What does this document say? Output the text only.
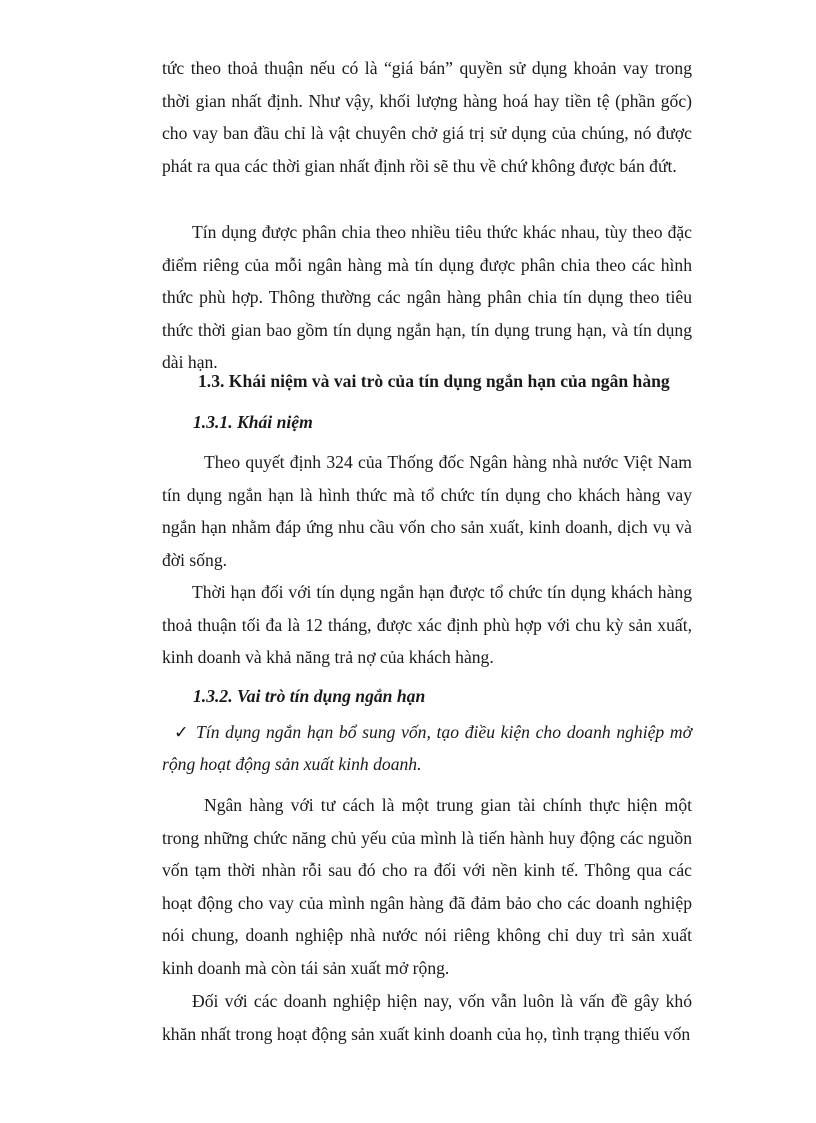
tức theo thoả thuận nếu có là “giá bán” quyền sử dụng khoản vay trong thời gian nhất định. Như vậy, khối lượng hàng hoá hay tiền tệ (phần gốc) cho vay ban đầu chỉ là vật chuyên chở giá trị sử dụng của chúng, nó được phát ra qua các thời gian nhất định rồi sẽ thu về chứ không được bán đứt.

Tín dụng được phân chia theo nhiều tiêu thức khác nhau, tùy theo đặc điểm riêng của mỗi ngân hàng mà tín dụng được phân chia theo các hình thức phù hợp. Thông thường các ngân hàng phân chia tín dụng theo tiêu thức thời gian bao gồm tín dụng ngắn hạn, tín dụng trung hạn, và tín dụng dài hạn.

1.3. Khái niệm và vai trò của tín dụng ngắn hạn của ngân hàng

1.3.1. Khái niệm

Theo quyết định 324 của Thống đốc Ngân hàng nhà nước Việt Nam tín dụng ngắn hạn là hình thức mà tổ chức tín dụng cho khách hàng vay ngắn hạn nhằm đáp ứng nhu cầu vốn cho sản xuất, kinh doanh, dịch vụ và đời sống.

Thời hạn đối với tín dụng ngắn hạn được tổ chức tín dụng khách hàng thoả thuận tối đa là 12 tháng, được xác định phù hợp với chu kỳ sản xuất, kinh doanh và khả năng trả nợ của khách hàng.

1.3.2. Vai trò tín dụng ngắn hạn

✓ Tín dụng ngắn hạn bổ sung vốn, tạo điều kiện cho doanh nghiệp mở rộng hoạt động sản xuất kinh doanh.

Ngân hàng với tư cách là một trung gian tài chính thực hiện một trong những chức năng chủ yếu của mình là tiến hành huy động các nguồn vốn tạm thời nhàn rỗi sau đó cho ra đối với nền kinh tế. Thông qua các hoạt động cho vay của mình ngân hàng đã đảm bảo cho các doanh nghiệp nói chung, doanh nghiệp nhà nước nói riêng không chỉ duy trì sản xuất kinh doanh mà còn tái sản xuất mở rộng.

Đối với các doanh nghiệp hiện nay, vốn vẫn luôn là vấn đề gây khó khăn nhất trong hoạt động sản xuất kinh doanh của họ, tình trạng thiếu vốn
